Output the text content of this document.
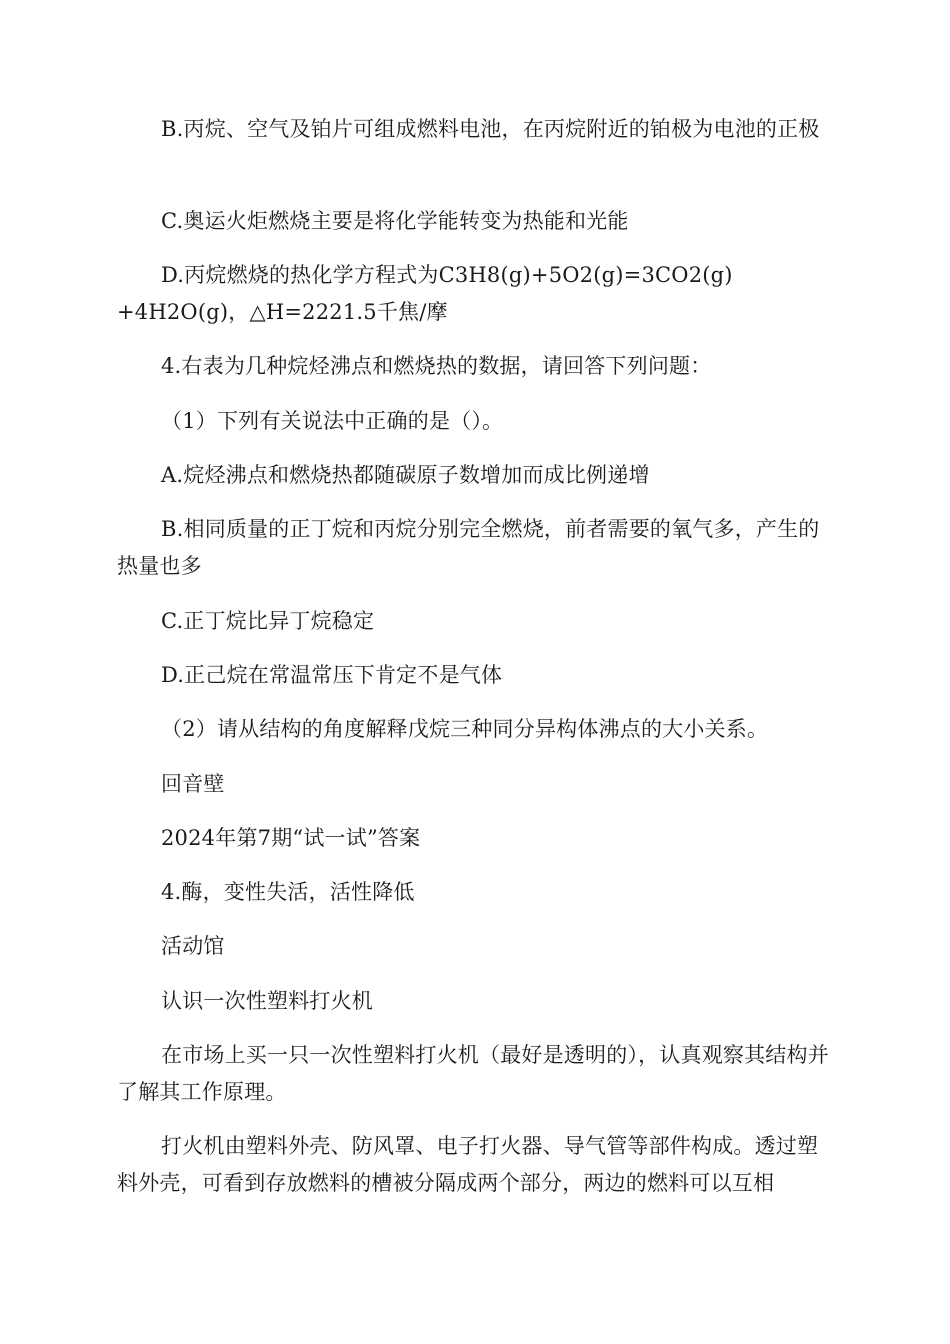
B.丙烷、空气及铂片可组成燃料电池，在丙烷附近的铂极为电池的正极

C.奥运火炬燃烧主要是将化学能转变为热能和光能

D.丙烷燃烧的热化学方程式为C3H8(g)+5O2(g)=3CO2(g)

+4H2O(g)，△H=2221.5千焦/摩

4.右表为几种烷烃沸点和燃烧热的数据，请回答下列问题：

（1）下列有关说法中正确的是（）。

A.烷烃沸点和燃烧热都随碳原子数增加而成比例递增

B.相同质量的正丁烷和丙烷分别完全燃烧，前者需要的氧气多，产生的热量也多

C.正丁烷比异丁烷稳定

D.正己烷在常温常压下肯定不是气体

（2）请从结构的角度解释戊烷三种同分异构体沸点的大小关系。

回音壁

2024年第7期“试一试”答案

4.酶，变性失活，活性降低

活动馆

认识一次性塑料打火机

在市场上买一只一次性塑料打火机（最好是透明的），认真观察其结构并了解其工作原理。

打火机由塑料外壳、防风罩、电子打火器、导气管等部件构成。透过塑料外壳，可看到存放燃料的槽被分隔成两个部分，两边的燃料可以互相
